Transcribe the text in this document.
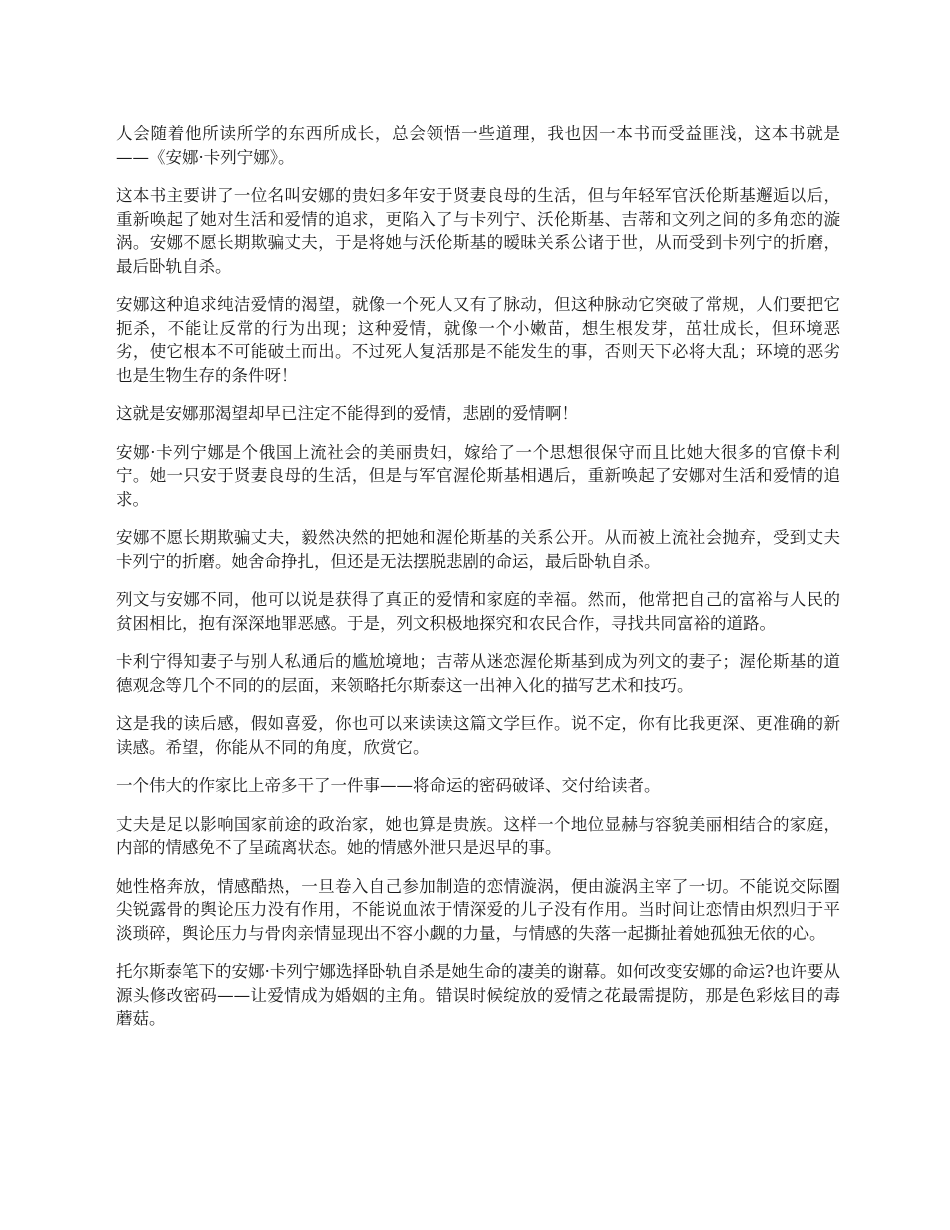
人会随着他所读所学的东西所成长，总会领悟一些道理，我也因一本书而受益匪浅，这本书就是——《安娜·卡列宁娜》。

这本书主要讲了一位名叫安娜的贵妇多年安于贤妻良母的生活，但与年轻军官沃伦斯基邂逅以后，重新唤起了她对生活和爱情的追求，更陷入了与卡列宁、沃伦斯基、吉蒂和文列之间的多角恋的漩涡。安娜不愿长期欺骗丈夫，于是将她与沃伦斯基的暧昧关系公诸于世，从而受到卡列宁的折磨，最后卧轨自杀。

安娜这种追求纯洁爱情的渴望，就像一个死人又有了脉动，但这种脉动它突破了常规，人们要把它扼杀，不能让反常的行为出现；这种爱情，就像一个小嫩苗，想生根发芽，茁壮成长，但环境恶劣，使它根本不可能破土而出。不过死人复活那是不能发生的事，否则天下必将大乱；环境的恶劣也是生物生存的条件呀！

这就是安娜那渴望却早已注定不能得到的爱情，悲剧的爱情啊！

安娜·卡列宁娜是个俄国上流社会的美丽贵妇，嫁给了一个思想很保守而且比她大很多的官僚卡利宁。她一只安于贤妻良母的生活，但是与军官渥伦斯基相遇后，重新唤起了安娜对生活和爱情的追求。

安娜不愿长期欺骗丈夫，毅然决然的把她和渥伦斯基的关系公开。从而被上流社会抛弃，受到丈夫卡列宁的折磨。她舍命挣扎，但还是无法摆脱悲剧的命运，最后卧轨自杀。

列文与安娜不同，他可以说是获得了真正的爱情和家庭的幸福。然而，他常把自己的富裕与人民的贫困相比，抱有深深地罪恶感。于是，列文积极地探究和农民合作，寻找共同富裕的道路。

卡利宁得知妻子与别人私通后的尴尬境地；吉蒂从迷恋渥伦斯基到成为列文的妻子；渥伦斯基的道德观念等几个不同的的层面，来领略托尔斯泰这一出神入化的描写艺术和技巧。

这是我的读后感，假如喜爱，你也可以来读读这篇文学巨作。说不定，你有比我更深、更准确的新读感。希望，你能从不同的角度，欣赏它。

一个伟大的作家比上帝多干了一件事——将命运的密码破译、交付给读者。

丈夫是足以影响国家前途的政治家，她也算是贵族。这样一个地位显赫与容貌美丽相结合的家庭，内部的情感免不了呈疏离状态。她的情感外泄只是迟早的事。

她性格奔放，情感酷热，一旦卷入自己参加制造的恋情漩涡，便由漩涡主宰了一切。不能说交际圈尖锐露骨的舆论压力没有作用，不能说血浓于情深爱的儿子没有作用。当时间让恋情由炽烈归于平淡琐碎，舆论压力与骨肉亲情显现出不容小觑的力量，与情感的失落一起撕扯着她孤独无依的心。

托尔斯泰笔下的安娜·卡列宁娜选择卧轨自杀是她生命的凄美的谢幕。如何改变安娜的命运?也许要从源头修改密码——让爱情成为婚姻的主角。错误时候绽放的爱情之花最需提防，那是色彩炫目的毒蘑菇。
